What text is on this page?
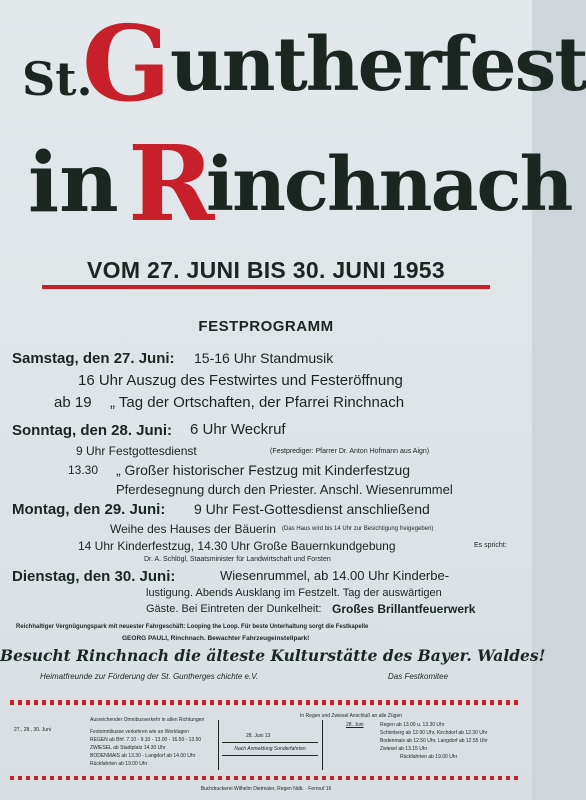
St.
G untherfest
in R
inchnach
VOM 27. JUNI BIS 30. JUNI 1953
FESTPROGRAMM
Samstag, den 27. Juni: 15-16 Uhr Standmusik
16 Uhr Auszug des Festwirtes und Festeröffnung
ab 19 „ Tag der Ortschaften, der Pfarrei Rinchnach
Sonntag, den 28. Juni: 6 Uhr Weckruf
9 Uhr Festgottesdienst	(Festprediger: Pfarrer Dr. Anton Hofmann aus Aign)
13.30 „ Großer historischer Festzug mit Kinderfestzug
Pferdesegnung durch den Priester. Anschl. Wiesenrummel
Montag, den 29. Juni: 9 Uhr Fest-Gottesdienst anschließend
Weihe des Hauses der Bäuerin (Das Haus wird bis 14 Uhr zur Besichtigung freigegeben)
14 Uhr Kinderfestzug, 14.30 Uhr Große Bauernkundgebung	Es spricht:
Dr. A. Schlögl, Staatsminister für Landwirtschaft und Forsten
Dienstag, den 30. Juni:	Wiesenrummel, ab 14.00 Uhr Kinderbe-
lustigung. Abends Ausklang im Festzelt. Tag der auswärtigen
Gäste. Bei Eintreten der Dunkelheit: Großes Brillantfeuerwerk
Reichhaltiger Vergnügungspark mit neuester Fahrgeschäft: Looping the Loop. Für beste Unterhaltung sorgt die Festkapelle
GEORG PAULI, Rinchnach. Bewachter Fahrzeugeinstellpark!
Besucht Rinchnach die älteste Kulturstätte des Bayer. Waldes!
Heimatfreunde zur Förderung der St. Guntherges chichte e.V.	Das Festkomitee
27., 28., 30. Juni
Ausreichender Omnibusverkehr in allen Richtungen
Festomnibusse verkehren wie an Werktagen
REGEN ab Bhf. 7.10 - 9.10 - 13.00 - 16.50 - 13.50
ZWIESEL ab Stadtplatz 14.30 Uhr
BODENMAIS ab 13.30 - Langdorf ab 14.00 Uhr
Rückfahrten ab 19.00 Uhr
28. Juni 13
Nach Anmeldung Sonderfahrten
In Regen und Zwiesel Anschluß an alle Zügen
28. Juni	Regen ab 13.00 u. 13.30 Uhr
Schönberg ab 12.00 Uhr, Kirchdorf ab 12.30 Uhr
Bodenmais ab 12.50 Uhr, Langdorf ab 12.55 Uhr
Zwiesel ab 13.15 Uhr
Rückfahrten ab 19.00 Uhr
Buchdruckerei Wilhelm Dietmaier, Regen Ndb. · Fernruf 16
